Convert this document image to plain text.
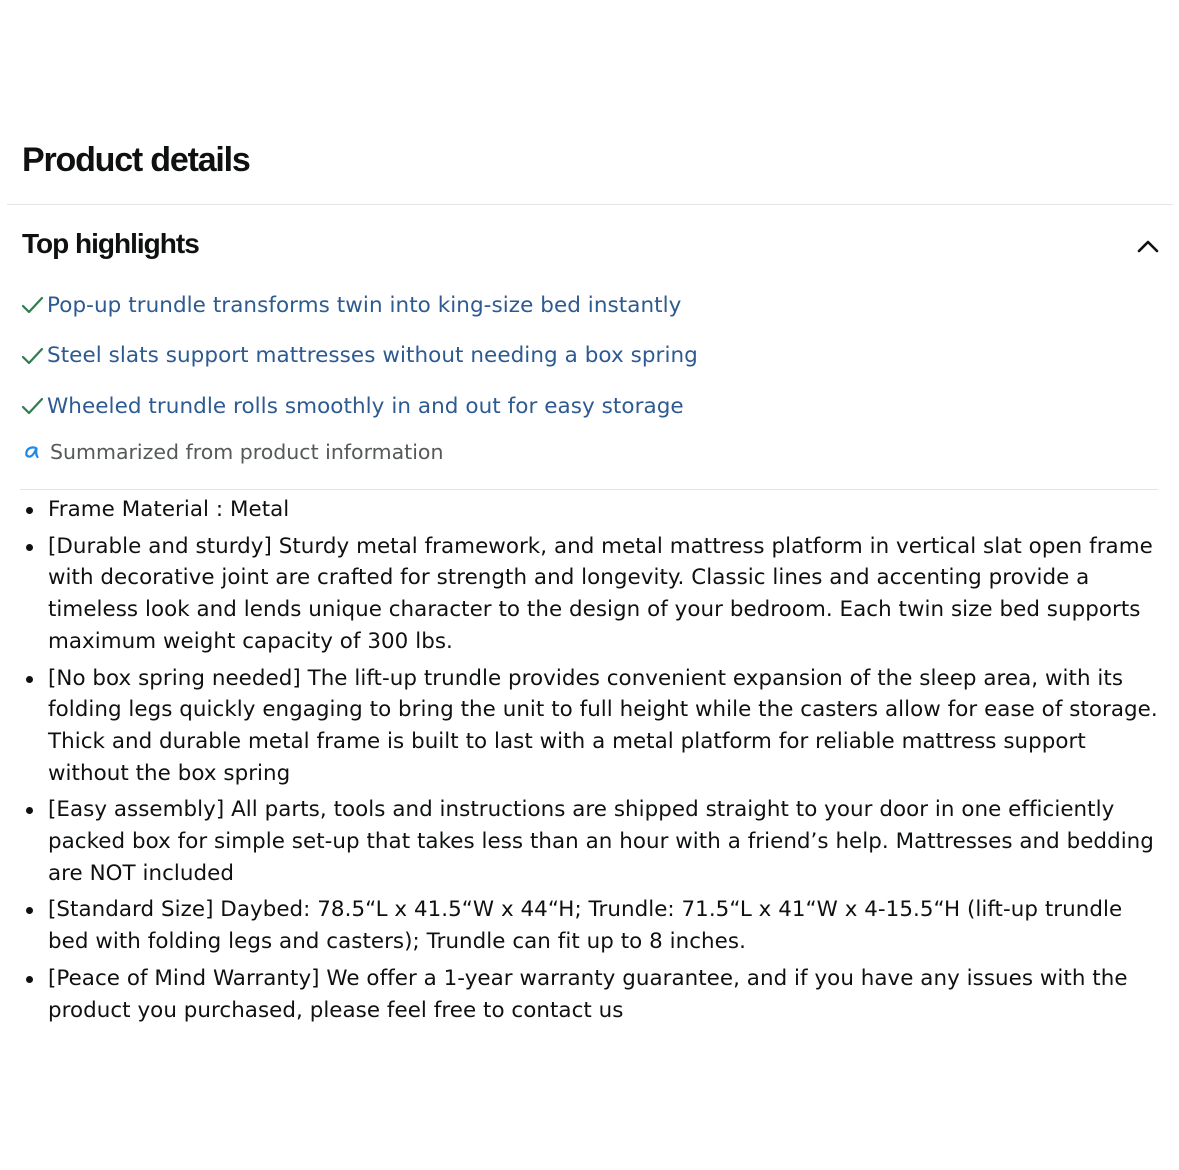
Product details
Top highlights
Pop-up trundle transforms twin into king-size bed instantly
Steel slats support mattresses without needing a box spring
Wheeled trundle rolls smoothly in and out for easy storage
Summarized from product information
Frame Material : Metal
[Durable and sturdy] Sturdy metal framework, and metal mattress platform in vertical slat open frame with decorative joint are crafted for strength and longevity. Classic lines and accenting provide a timeless look and lends unique character to the design of your bedroom. Each twin size bed supports maximum weight capacity of 300 lbs.
[No box spring needed] The lift-up trundle provides convenient expansion of the sleep area, with its folding legs quickly engaging to bring the unit to full height while the casters allow for ease of storage. Thick and durable metal frame is built to last with a metal platform for reliable mattress support without the box spring
[Easy assembly] All parts, tools and instructions are shipped straight to your door in one efficiently packed box for simple set-up that takes less than an hour with a friend’s help. Mattresses and bedding are NOT included
[Standard Size] Daybed: 78.5“L x 41.5“W x 44“H; Trundle: 71.5“L x 41“W x 4-15.5“H (lift-up trundle bed with folding legs and casters); Trundle can fit up to 8 inches.
[Peace of Mind Warranty] We offer a 1-year warranty guarantee, and if you have any issues with the product you purchased, please feel free to contact us
